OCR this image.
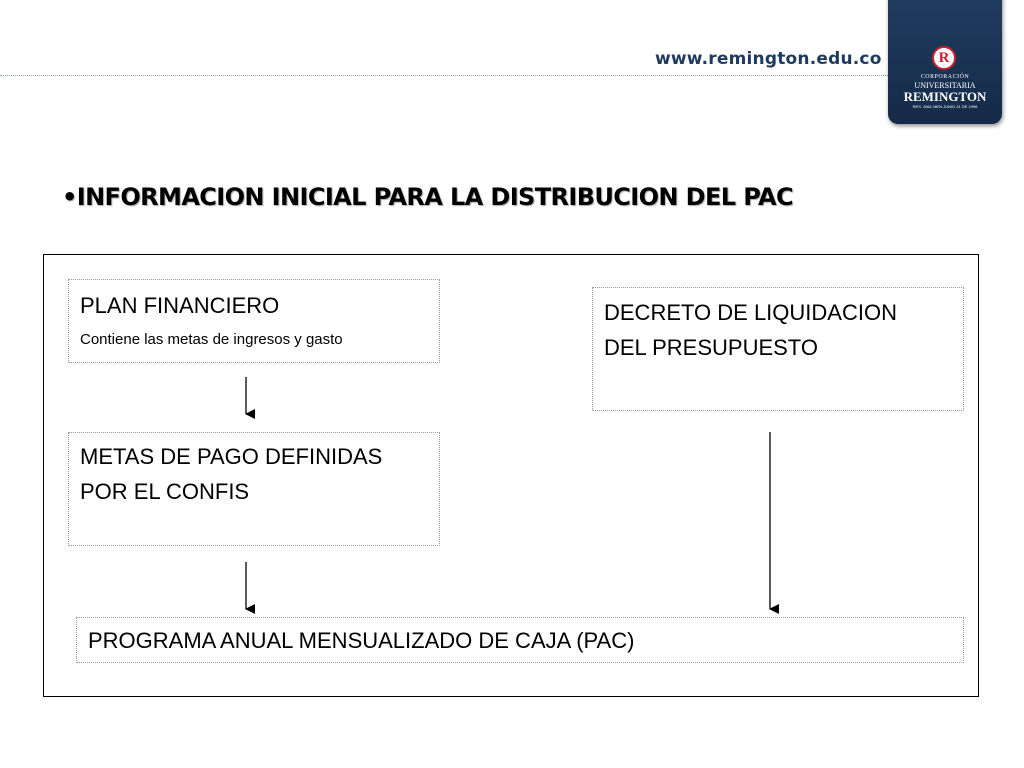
www.remington.edu.co	R
CORPORACIÓN
UNIVERSITARIA
REMINGTON
RES. 2661 MEN JUNIO 21 DE 1996
•INFORMACION INICIAL PARA LA DISTRIBUCION DEL PAC
PLAN FINANCIERO
Contiene las metas de ingresos y gasto
DECRETO DE LIQUIDACION
DEL PRESUPUESTO
METAS DE PAGO DEFINIDAS
POR EL CONFIS
PROGRAMA ANUAL MENSUALIZADO DE CAJA (PAC)
